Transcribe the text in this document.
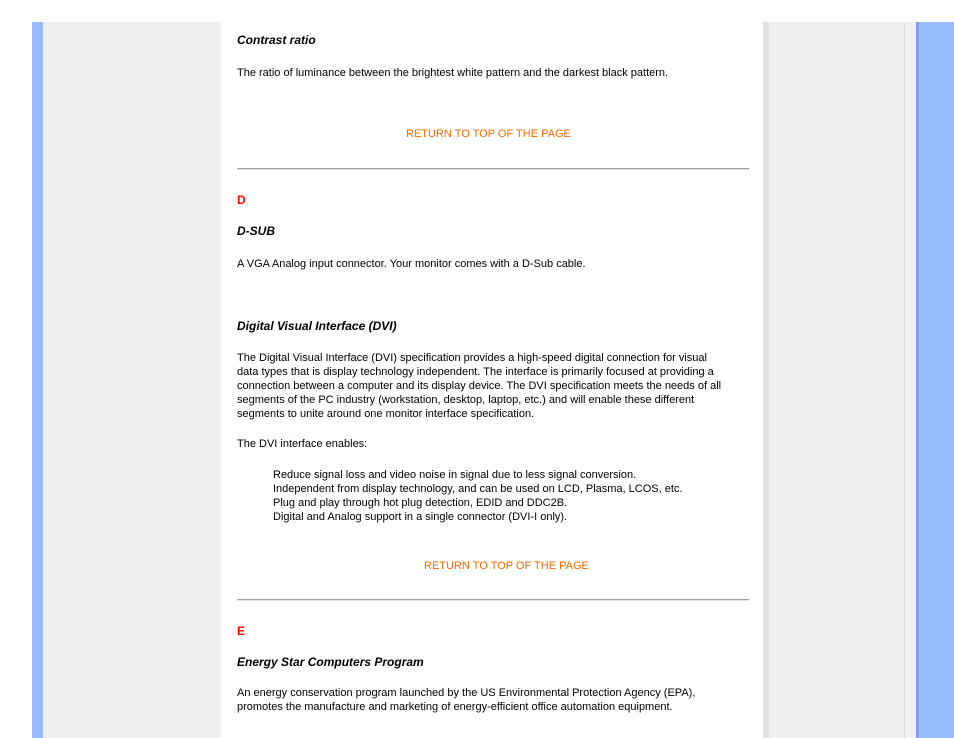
Contrast ratio

The ratio of luminance between the brightest white pattern and the darkest black pattern.

RETURN TO TOP OF THE PAGE

D

D-SUB

A VGA Analog input connector. Your monitor comes with a D-Sub cable.

Digital Visual Interface (DVI)

The Digital Visual Interface (DVI) specification provides a high-speed digital connection for visual
data types that is display technology independent. The interface is primarily focused at providing a
connection between a computer and its display device. The DVI specification meets the needs of all
segments of the PC industry (workstation, desktop, laptop, etc.) and will enable these different
segments to unite around one monitor interface specification.

The DVI interface enables:

Reduce signal loss and video noise in signal due to less signal conversion.
Independent from display technology, and can be used on LCD, Plasma, LCOS, etc.
Plug and play through hot plug detection, EDID and DDC2B.
Digital and Analog support in a single connector (DVI-I only).
RETURN TO TOP OF THE PAGE

E

Energy Star Computers Program

An energy conservation program launched by the US Environmental Protection Agency (EPA),
promotes the manufacture and marketing of energy-efficient office automation equipment.
